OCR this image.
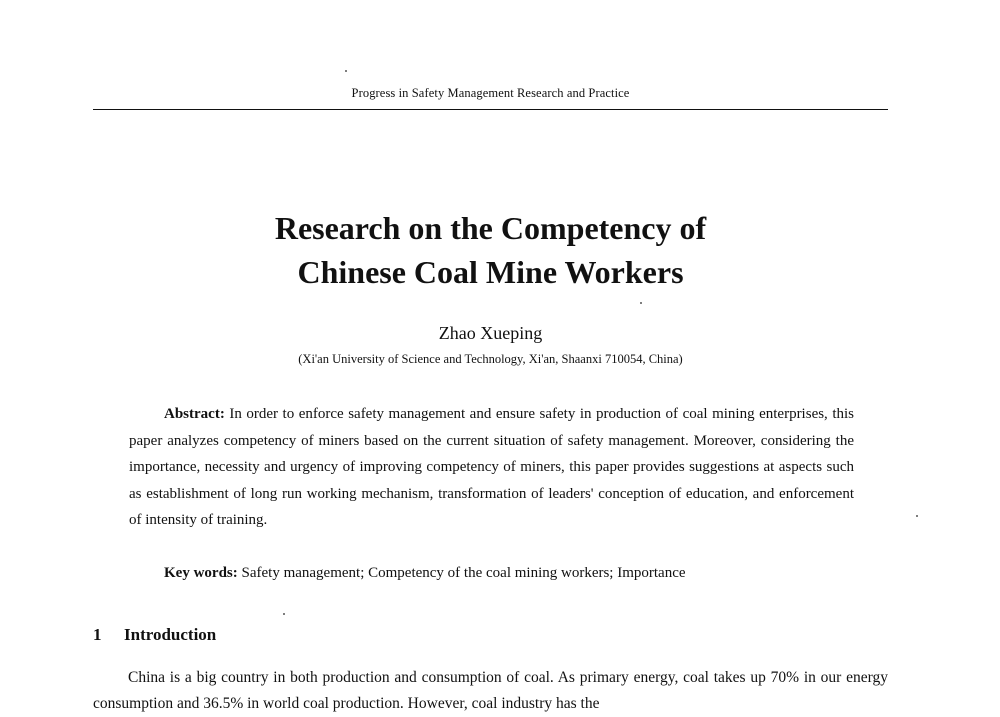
Progress in Safety Management Research and Practice
Research on the Competency of
Chinese Coal Mine Workers
Zhao Xueping
(Xi'an University of Science and Technology, Xi'an, Shaanxi 710054, China)

Abstract: In order to enforce safety management and ensure safety in production of coal mining enterprises, this paper analyzes competency of miners based on the current situation of safety management. Moreover, considering the importance, necessity and urgency of improving competency of miners, this paper provides suggestions at aspects such as establishment of long run working mechanism, transformation of leaders' conception of education, and enforcement of intensity of training.

Key words: Safety management; Competency of the coal mining workers; Importance

1 Introduction

China is a big country in both production and consumption of coal. As primary energy, coal takes up 70% in our energy consumption and 36.5% in world coal production. However, coal industry has the
